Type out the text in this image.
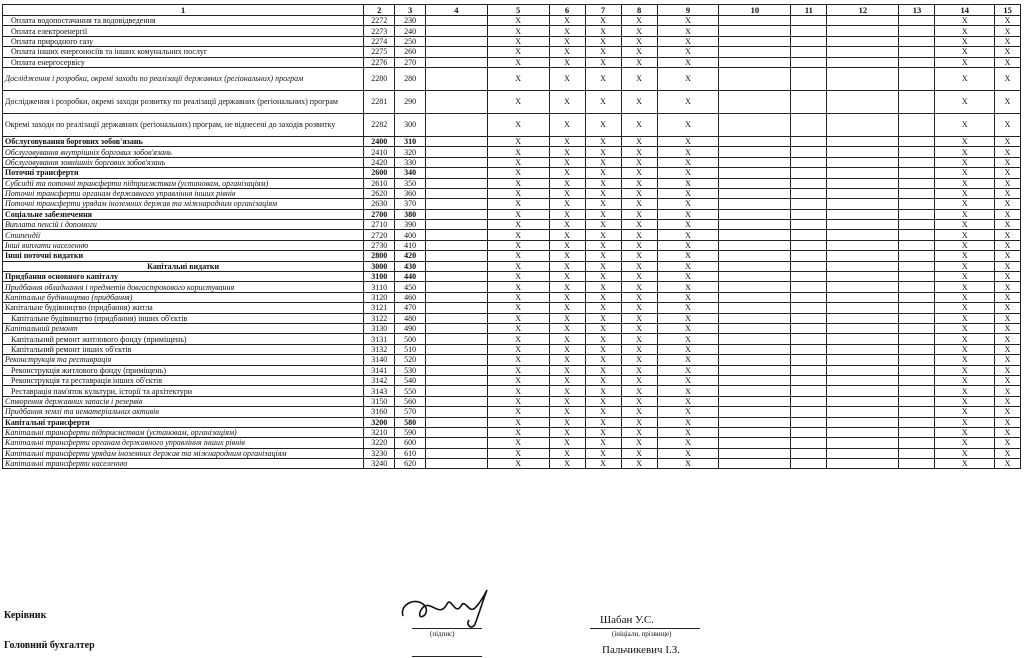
1	2	3	4	5	6	7	8	9	10	11	12	13	14	15
Оплата водопостачання та водовідведення	2272	230		X	X	X	X	X					X	X
Оплата електроенергії	2273	240		X	X	X	X	X					X	X
Оплата природного газу	2274	250		X	X	X	X	X					X	X
Оплата інших енергоносіїв та інших комунальних послуг	2275	260		X	X	X	X	X					X	X
Оплата енергосервісу	2276	270		X	X	X	X	X					X	X
Дослідження і розробки, окремі заходи по реалізації державних (регіональних) програм	2280	280		X	X	X	X	X					X	X
Дослідження і розробки, окремі заходи розвитку по реалізації державних (регіональних) програм	2281	290		X	X	X	X	X					X	X
Окремі заходи по реалізації державних (регіональних) програм, не віднесені до заходів розвитку	2282	300		X	X	X	X	X					X	X
Обслуговування боргових зобов'язань	2400	310		X	X	X	X	X					X	X
Обслуговування внутрішніх боргових зобов'язань	2410	320		X	X	X	X	X					X	X
Обслуговування зовнішніх боргових зобов'язань	2420	330		X	X	X	X	X					X	X
Поточні трансферти	2600	340		X	X	X	X	X					X	X
Субсидії та поточні трансферти підприємствам (установам, організаціям)	2610	350		X	X	X	X	X					X	X
Поточні трансферти органам державного управління інших рівнів	2620	360		X	X	X	X	X					X	X
Поточні трансферти урядам іноземних держав та міжнародним організаціям	2630	370		X	X	X	X	X					X	X
Соціальне забезпечення	2700	380		X	X	X	X	X					X	X
Виплата пенсій і допомоги	2710	390		X	X	X	X	X					X	X
Стипендії	2720	400		X	X	X	X	X					X	X
Інші виплати населенню	2730	410		X	X	X	X	X					X	X
Інші поточні видатки	2800	420		X	X	X	X	X					X	X
Капітальні видатки	3000	430		X	X	X	X	X					X	X
Придбання основного капіталу	3100	440		X	X	X	X	X					X	X
Придбання обладнання і предметів довгострокового користування	3110	450		X	X	X	X	X					X	X
Капітальне будівництво (придбання)	3120	460		X	X	X	X	X					X	X
Капітальне будівництво (придбання) житла	3121	470		X	X	X	X	X					X	X
Капітальне будівництво (придбання) інших об'єктів	3122	480		X	X	X	X	X					X	X
Капітальний ремонт	3130	490		X	X	X	X	X					X	X
Капітальний ремонт житлового фонду (приміщень)	3131	500		X	X	X	X	X					X	X
Капітальний ремонт інших об'єктів	3132	510		X	X	X	X	X					X	X
Реконструкція та реставрація	3140	520		X	X	X	X	X					X	X
Реконструкція житлового фонду (приміщень)	3141	530		X	X	X	X	X					X	X
Реконструкція та реставрація інших об'єктів	3142	540		X	X	X	X	X					X	X
Реставрація пам'яток культури, історії та архітектури	3143	550		X	X	X	X	X					X	X
Створення державних запасів і резервів	3150	560		X	X	X	X	X					X	X
Придбання землі та нематеріальних активів	3160	570		X	X	X	X	X					X	X
Капітальні трансферти	3200	580		X	X	X	X	X					X	X
Капітальні трансферти підприємствам (установам, організаціям)	3210	590		X	X	X	X	X					X	X
Капітальні трансферти органам державного управління інших рівнів	3220	600		X	X	X	X	X					X	X
Капітальні трансферти урядам іноземних держав та міжнародним організаціям	3230	610		X	X	X	X	X					X	X
Капітальні трансферти населенню	3240	620		X	X	X	X	X					X	X
Керівник
Головний бухгалтер
(підпис)
Шабан У.С.
(ініціали, прізвище)
Пальчикевич І.З.
